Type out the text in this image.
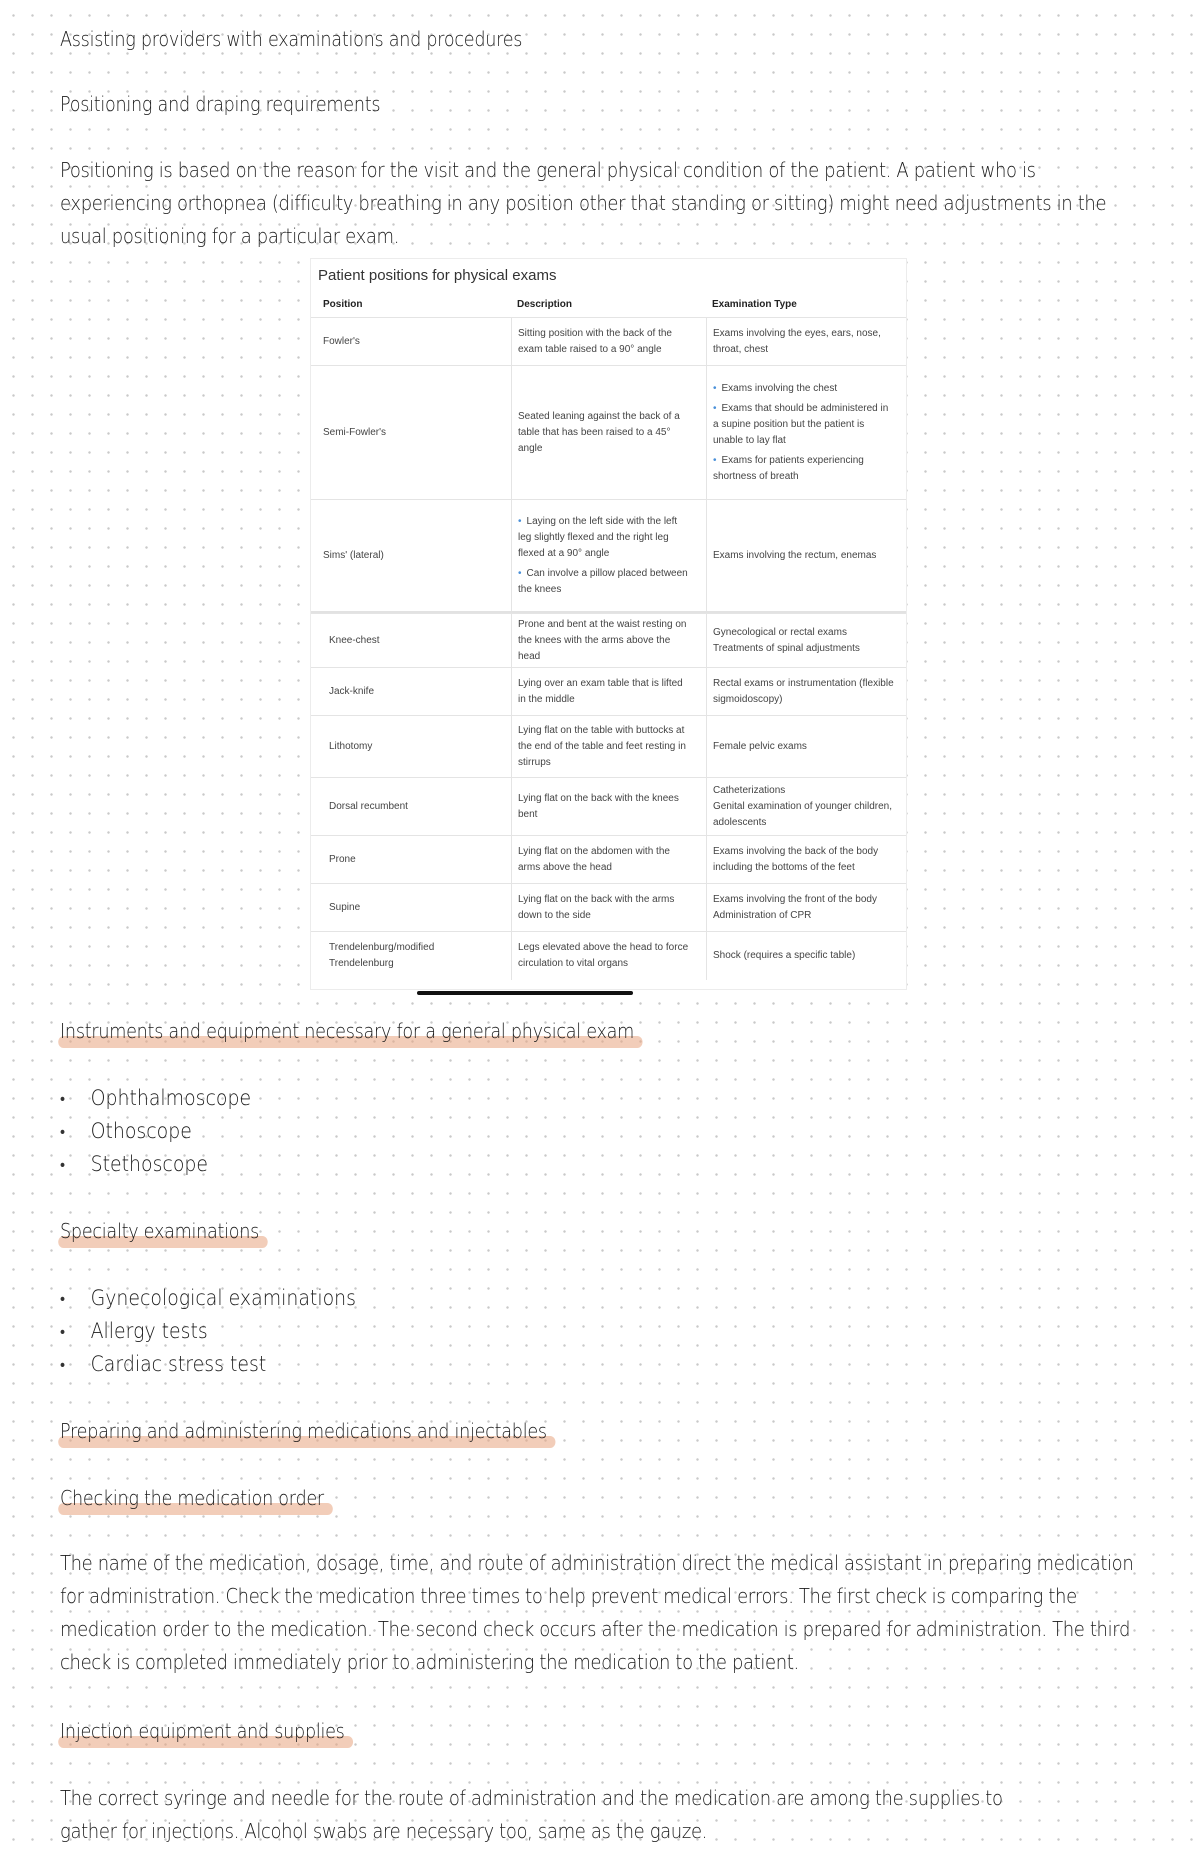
Assisting providers with examinations and procedures
Positioning and draping requirements
Positioning is based on the reason for the visit and the general physical condition of the patient. A patient who is experiencing orthopnea (difficulty breathing in any position other that standing or sitting) might need adjustments in the usual positioning for a particular exam.
Patient positions for physical exams
Position	Description	Examination Type
Fowler's
Sitting position with the back of the exam table raised to a 90° angle
Exams involving the eyes, ears, nose, throat, chest
Semi-Fowler's
Seated leaning against the back of a table that has been raised to a 45° angle
• Exams involving the chest
• Exams that should be administered in a supine position but the patient is unable to lay flat
• Exams for patients experiencing shortness of breath
Sims' (lateral)
• Laying on the left side with the left leg slightly flexed and the right leg flexed at a 90° angle
• Can involve a pillow placed between the knees
Exams involving the rectum, enemas
Knee-chest
Prone and bent at the waist resting on the knees with the arms above the head
Gynecological or rectal exams
Treatments of spinal adjustments
Jack-knife
Lying over an exam table that is lifted in the middle
Rectal exams or instrumentation (flexible sigmoidoscopy)
Lithotomy
Lying flat on the table with buttocks at the end of the table and feet resting in stirrups
Female pelvic exams
Dorsal recumbent
Lying flat on the back with the knees bent
Catheterizations
Genital examination of younger children, adolescents
Prone
Lying flat on the abdomen with the arms above the head
Exams involving the back of the body including the bottoms of the feet
Supine
Lying flat on the back with the arms down to the side
Exams involving the front of the body
Administration of CPR
Trendelenburg/modified Trendelenburg
Legs elevated above the head to force circulation to vital organs
Shock (requires a specific table)
Instruments and equipment necessary for a general physical exam
• Ophthalmoscope
• Othoscope
• Stethoscope
Specialty examinations
• Gynecological examinations
• Allergy tests
• Cardiac stress test
Preparing and administering medications and injectables
Checking the medication order
The name of the medication, dosage, time, and route of administration direct the medical assistant in preparing medication for administration. Check the medication three times to help prevent medical errors. The first check is comparing the medication order to the medication. The second check occurs after the medication is prepared for administration. The third check is completed immediately prior to administering the medication to the patient.
Injection equipment and supplies
The correct syringe and needle for the route of administration and the medication are among the supplies to gather for injections. Alcohol swabs are necessary too, same as the gauze.
